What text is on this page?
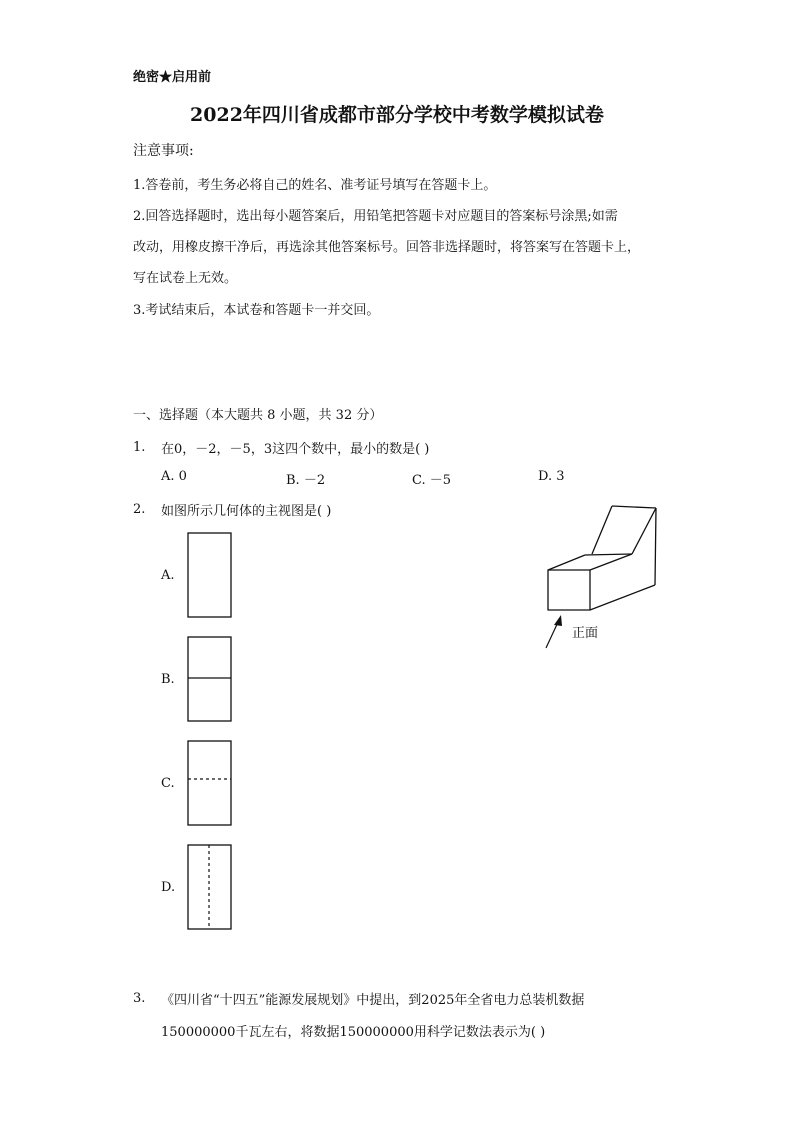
绝密★启用前
2022年四川省成都市部分学校中考数学模拟试卷
注意事项:
1.答卷前，考生务必将自己的姓名、准考证号填写在答题卡上。
2.回答选择题时，选出每小题答案后，用铅笔把答题卡对应题目的答案标号涂黑;如需
改动，用橡皮擦干净后，再选涂其他答案标号。回答非选择题时，将答案写在答题卡上，
写在试卷上无效。
3.考试结束后，本试卷和答题卡一并交回。
一、选择题（本大题共 8 小题，共 32 分）
1. 在0，－2，－5，3这四个数中，最小的数是( )
A. 0	B. －2	C. －5	D. 3
2. 如图所示几何体的主视图是( )
A.
B.
C.
D.
正面
3. 《四川省“十四五”能源发展规划》中提出，到2025年全省电力总装机数据
150000000千瓦左右，将数据150000000用科学记数法表示为( )
